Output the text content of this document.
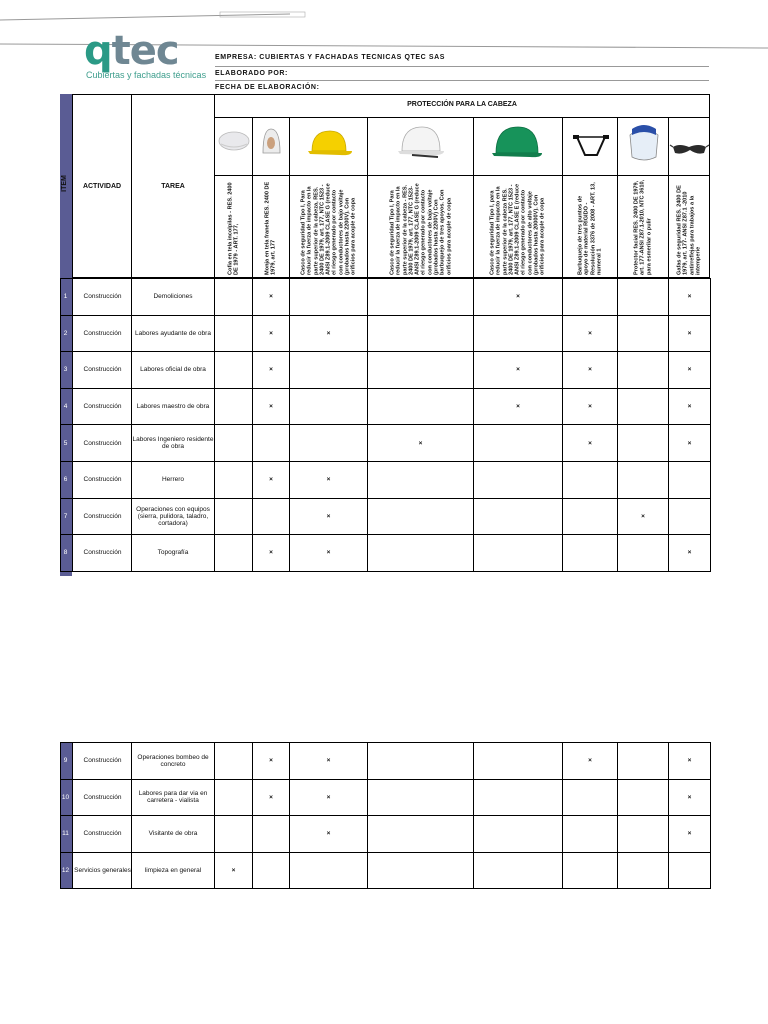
qtec
Cubiertas y fachadas técnicas
EMPRESA: CUBIERTAS Y FACHADAS TECNICAS QTEC SAS
ELABORADO POR:
FECHA DE ELABORACIÓN:
ITEM	ACTIVIDAD	TAREA
PROTECCIÓN PARA LA CABEZA
Cofia en tela incolpilas - RES. 2400 DE 1979 - ART. 177,	Monja en tela franela RES. 2400 DE 1979, art. 177	Casco de seguridad Tipo I, Para reducir la fuerza de impacto en la parte superior de la cabeza, RES. 2400 DE 1979, art. 177, NTC 1523 - ANSI Z89.1-2009 CLASE G (reduce el riesgo generado por contacto con conductores de bajo voltaje (probados hasta 2200V). Con orificios para acople de copa	Casco de seguridad Tipo I, Para reducir la fuerza de impacto en la parte superior de la cabeza - RES. 2400 DE 1979, art. 177, NTC 1523-ANSI Z89.1-2009 CLASE G (reduce el riesgo generado por contacto con conductores de bajo voltaje (probados hasta 2200V) Con barbuquejo de tres apoyos. Con orificios para acople de copa	Casco de seguridad Tipo I, para reducir la fuerza de impacto en la parte superior de la cabeza RES. 2400 DE 1979, art. 177, NTC 1523 - ANSI Z89.1-2009 CLASE E (reduce el riesgo generado por contacto con conductores de alto voltaje (probados hasta 20000V). Con orificios para acople de copa	Barbuquejo de tres puntos de apoyo de material RÍGIDO - Resolución 3376 de 2008 - ART. 13, numeral 1	Protector facial RES. 2400 DE 1979, art. 177-ANSI Z87.1-2010, NTC 3610, para esmerilar o pulir	Gafas de seguridad RES. 2400 DE 1979, art. 177- ANSI Z87.1 -2010 antirreflejas para trabajos a la intemperie
1	Construcción	Demoliciones		×			×			×
2	Construcción	Labores ayudante de obra		×	×			×		×
3	Construcción	Labores oficial de obra		×			×	×		×
4	Construcción	Labores maestro de obra		×			×	×		×
5	Construcción	Labores Ingeniero residente de obra				×		×		×
6	Construcción	Herrero		×	×					
7	Construcción	Operaciones con equipos (sierra, pulidora, taladro, cortadora)			×				×	
8	Construcción	Topografía		×	×					×
9	Construcción	Operaciones bombeo de concreto		×	×			×		×
10	Construcción	Labores para dar via en carretera - vialista		×	×					×
11	Construcción	Visitante de obra			×					×
12	Servicios generales	limpieza en general	×							
